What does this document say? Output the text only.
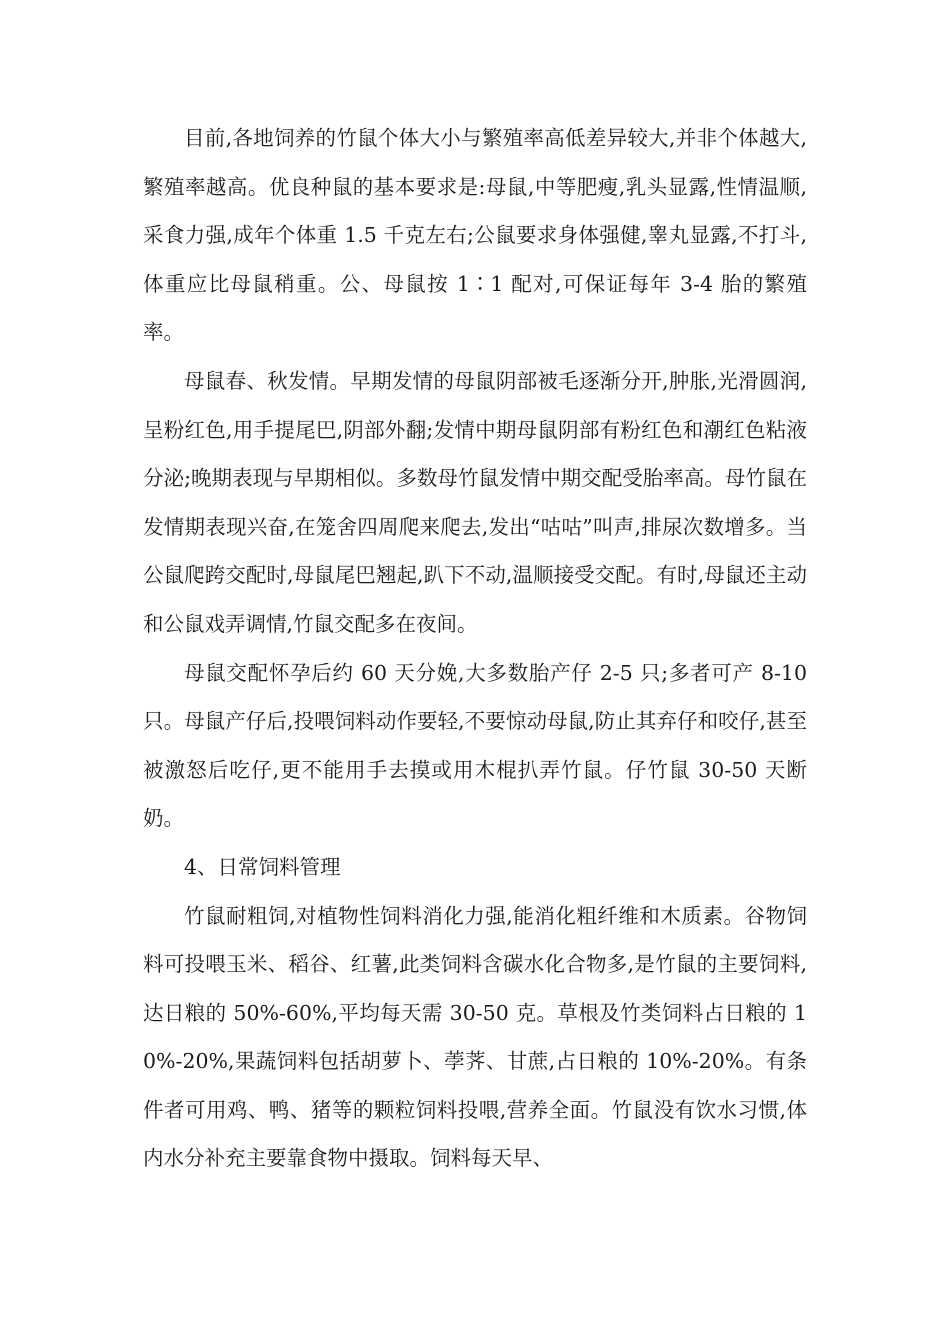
目前,各地饲养的竹鼠个体大小与繁殖率高低差异较大,并非个体越大,繁殖率越高。优良种鼠的基本要求是:母鼠,中等肥瘦,乳头显露,性情温顺,采食力强,成年个体重 1.5 千克左右;公鼠要求身体强健,睾丸显露,不打斗,体重应比母鼠稍重。公、母鼠按 1∶1 配对,可保证每年 3-4 胎的繁殖率。

母鼠春、秋发情。早期发情的母鼠阴部被毛逐渐分开,肿胀,光滑圆润,呈粉红色,用手提尾巴,阴部外翻;发情中期母鼠阴部有粉红色和潮红色粘液分泌;晚期表现与早期相似。多数母竹鼠发情中期交配受胎率高。母竹鼠在发情期表现兴奋,在笼舍四周爬来爬去,发出“咕咕”叫声,排尿次数增多。当公鼠爬跨交配时,母鼠尾巴翘起,趴下不动,温顺接受交配。有时,母鼠还主动和公鼠戏弄调情,竹鼠交配多在夜间。

母鼠交配怀孕后约 60 天分娩,大多数胎产仔 2-5 只;多者可产 8-10 只。母鼠产仔后,投喂饲料动作要轻,不要惊动母鼠,防止其弃仔和咬仔,甚至被激怒后吃仔,更不能用手去摸或用木棍扒弄竹鼠。仔竹鼠 30-50 天断奶。

4、日常饲料管理

竹鼠耐粗饲,对植物性饲料消化力强,能消化粗纤维和木质素。谷物饲料可投喂玉米、稻谷、红薯,此类饲料含碳水化合物多,是竹鼠的主要饲料,达日粮的 50%-60%,平均每天需 30-50 克。草根及竹类饲料占日粮的 10%-20%,果蔬饲料包括胡萝卜、荸荠、甘蔗,占日粮的 10%-20%。有条件者可用鸡、鸭、猪等的颗粒饲料投喂,营养全面。竹鼠没有饮水习惯,体内水分补充主要靠食物中摄取。饲料每天早、
